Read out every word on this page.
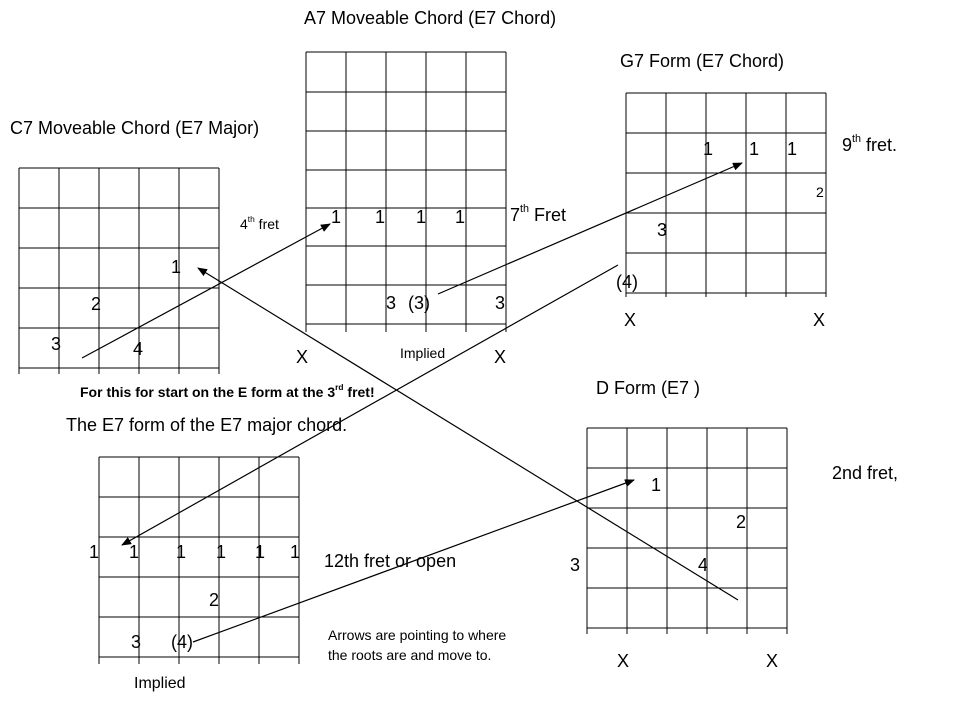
A7 Moveable Chord (E7 Chord)
G7 Form (E7 Chord)
C7 Moveable Chord (E7 Major)
D Form (E7 )
The E7 form of the E7 major chord.
4th fret	7th Fret
9th fret.
2nd fret,
12th fret or open
For this for start on the E form at the 3rd fret!
Arrows are pointing to where
the roots are and move to.
Implied
Implied
1
2
3	4
1 1 1 1
3 (3)	3
X	X
1 1 1
2
3
(4)
X	X
1 1 1 1 1 1
2
3 (4)
1
2
3	4
X	X
